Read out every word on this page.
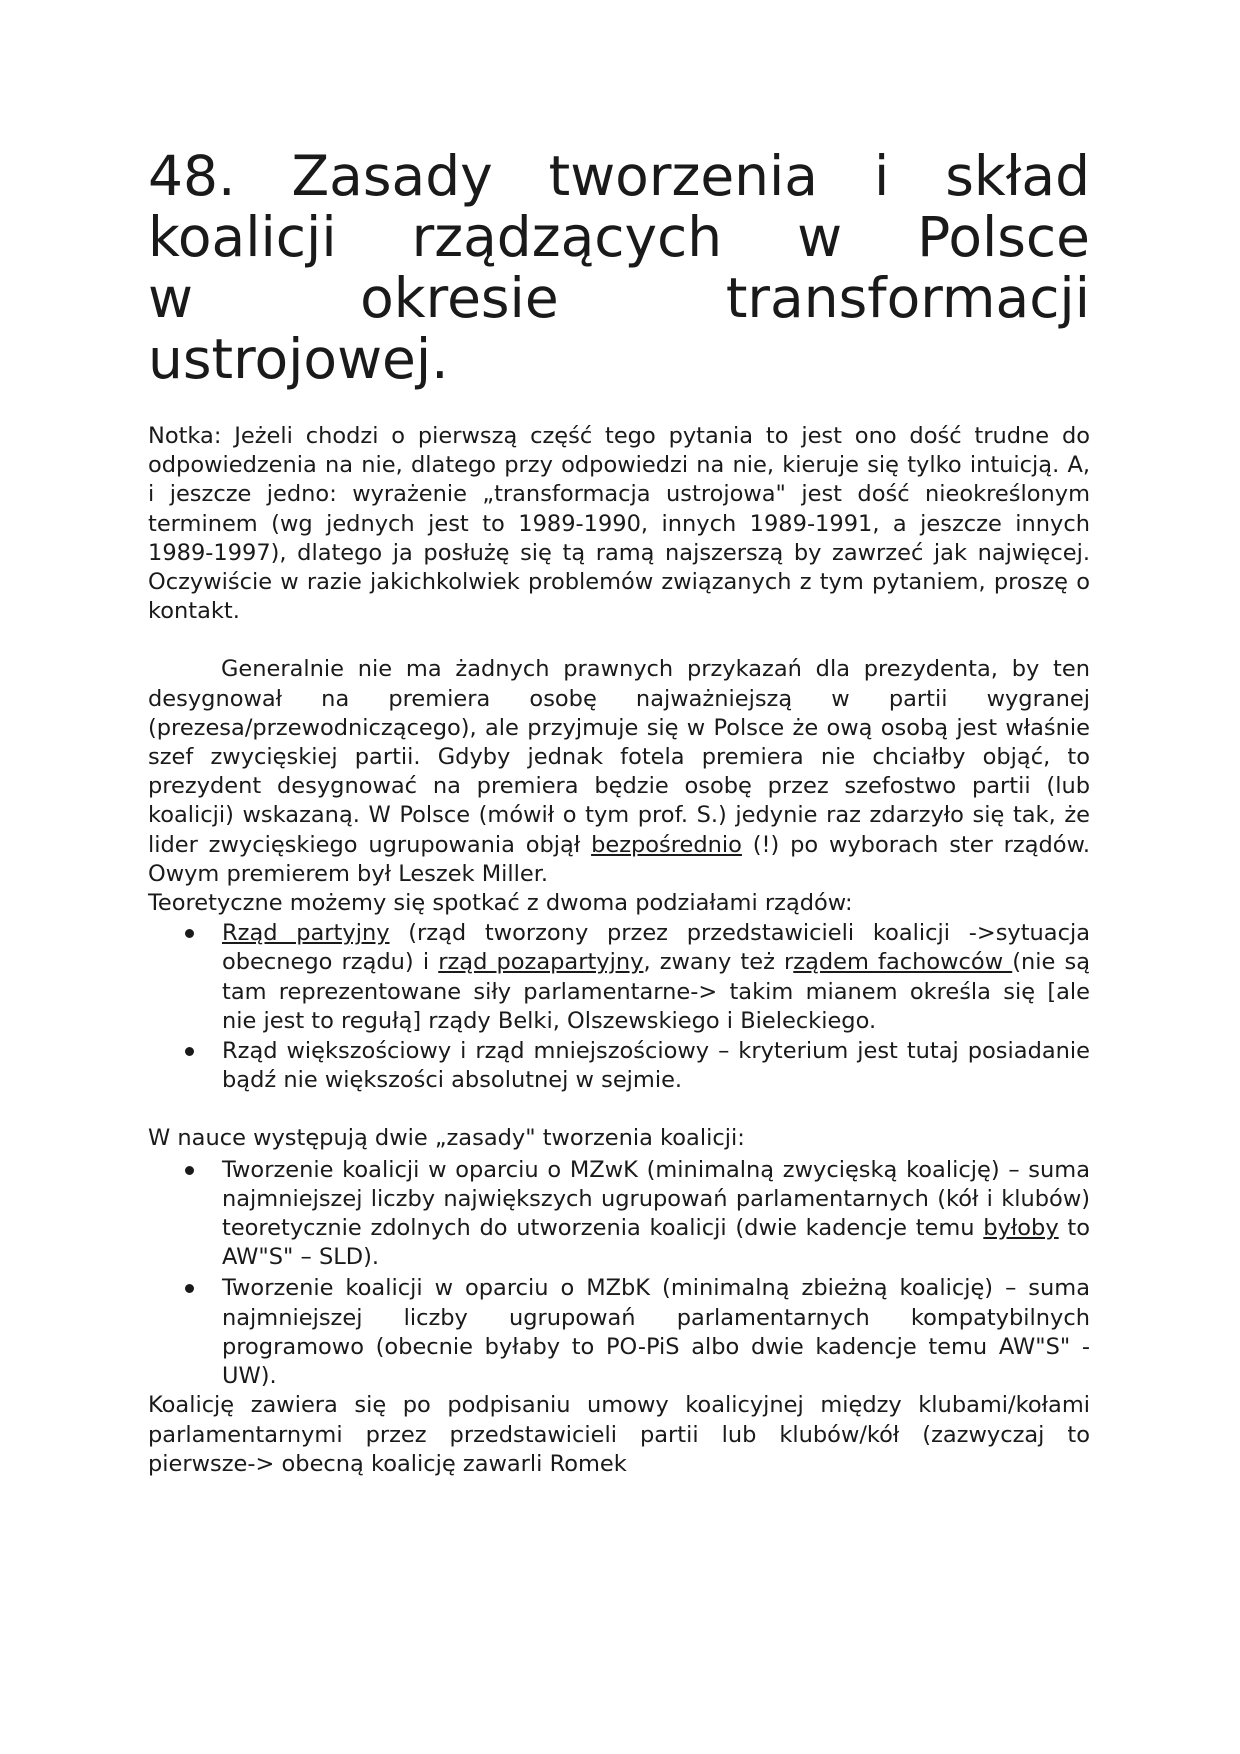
48. Zasady tworzenia i skład
koalicji rządzących w Polsce
w okresie transformacji
ustrojowej.

Notka: Jeżeli chodzi o pierwszą część tego pytania to jest ono dość trudne do odpowiedzenia na nie, dlatego przy odpowiedzi na nie, kieruje się tylko intuicją. A, i jeszcze jedno: wyrażenie „transformacja ustrojowa" jest dość nieokreślonym terminem (wg jednych jest to 1989-1990, innych 1989-1991, a jeszcze innych 1989-1997), dlatego ja posłużę się tą ramą najszerszą by zawrzeć jak najwięcej. Oczywiście w razie jakichkolwiek problemów związanych z tym pytaniem, proszę o kontakt.

Generalnie nie ma żadnych prawnych przykazań dla prezydenta, by ten desygnował na premiera osobę najważniejszą w partii wygranej (prezesa/przewodniczącego), ale przyjmuje się w Polsce że ową osobą jest właśnie szef zwycięskiej partii. Gdyby jednak fotela premiera nie chciałby objąć, to prezydent desygnować na premiera będzie osobę przez szefostwo partii (lub koalicji) wskazaną. W Polsce (mówił o tym prof. S.) jedynie raz zdarzyło się tak, że lider zwycięskiego ugrupowania objął bezpośrednio (!) po wyborach ster rządów. Owym premierem był Leszek Miller.

Teoretyczne możemy się spotkać z dwoma podziałami rządów:

Rząd partyjny (rząd tworzony przez przedstawicieli koalicji ->sytuacja obecnego rządu) i rząd pozapartyjny, zwany też rządem fachowców (nie są tam reprezentowane siły parlamentarne-> takim mianem określa się [ale nie jest to regułą] rządy Belki, Olszewskiego i Bieleckiego.
Rząd większościowy i rząd mniejszościowy – kryterium jest tutaj posiadanie bądź nie większości absolutnej w sejmie.

W nauce występują dwie „zasady" tworzenia koalicji:

Tworzenie koalicji w oparciu o MZwK (minimalną zwycięską koalicję) – suma najmniejszej liczby największych ugrupowań parlamentarnych (kół i klubów) teoretycznie zdolnych do utworzenia koalicji (dwie kadencje temu byłoby to AW"S" – SLD).
Tworzenie koalicji w oparciu o MZbK (minimalną zbieżną koalicję) – suma najmniejszej liczby ugrupowań parlamentarnych kompatybilnych programowo (obecnie byłaby to PO-PiS albo dwie kadencje temu AW"S" - UW).

Koalicję zawiera się po podpisaniu umowy koalicyjnej między klubami/kołami parlamentarnymi przez przedstawicieli partii lub klubów/kół (zazwyczaj to pierwsze-> obecną koalicję zawarli Romek
